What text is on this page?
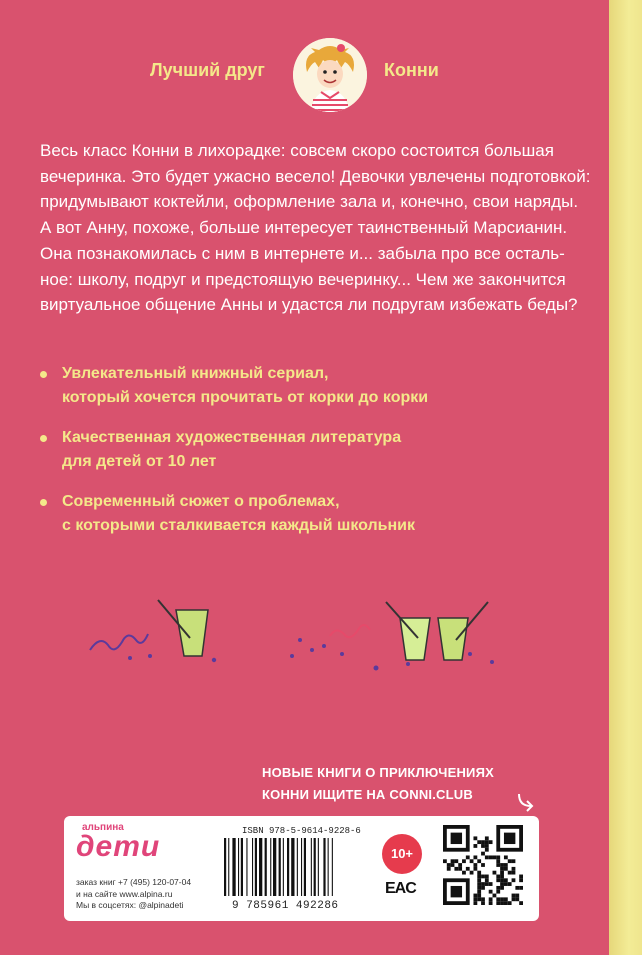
Лучший друг	Конни
Весь класс Конни в лихорадке: совсем скоро состоится большая
вечеринка. Это будет ужасно весело! Девочки увлечены подготовкой:
придумывают коктейли, оформление зала и, конечно, свои наряды.
А вот Анну, похоже, больше интересует таинственный Марсианин.
Она познакомилась с ним в интернете и... забыла про все осталь-
ное: школу, подруг и предстоящую вечеринку... Чем же закончится
виртуальное общение Анны и удастся ли подругам избежать беды?
Увлекательный книжный сериал,
который хочется прочитать от корки до корки
Качественная художественная литература
для детей от 10 лет
Современный сюжет о проблемах,
с которыми сталкивается каждый школьник
НОВЫЕ КНИГИ О ПРИКЛЮЧЕНИЯХ
КОННИ ИЩИТЕ НА CONNI.CLUB
альпина
дети
заказ книг +7 (495) 120-07-04
и на сайте www.alpina.ru
Мы в соцсетях: @alpinadeti
ISBN 978-5-9614-9228-6
9 785961 492286
10+
EAC
